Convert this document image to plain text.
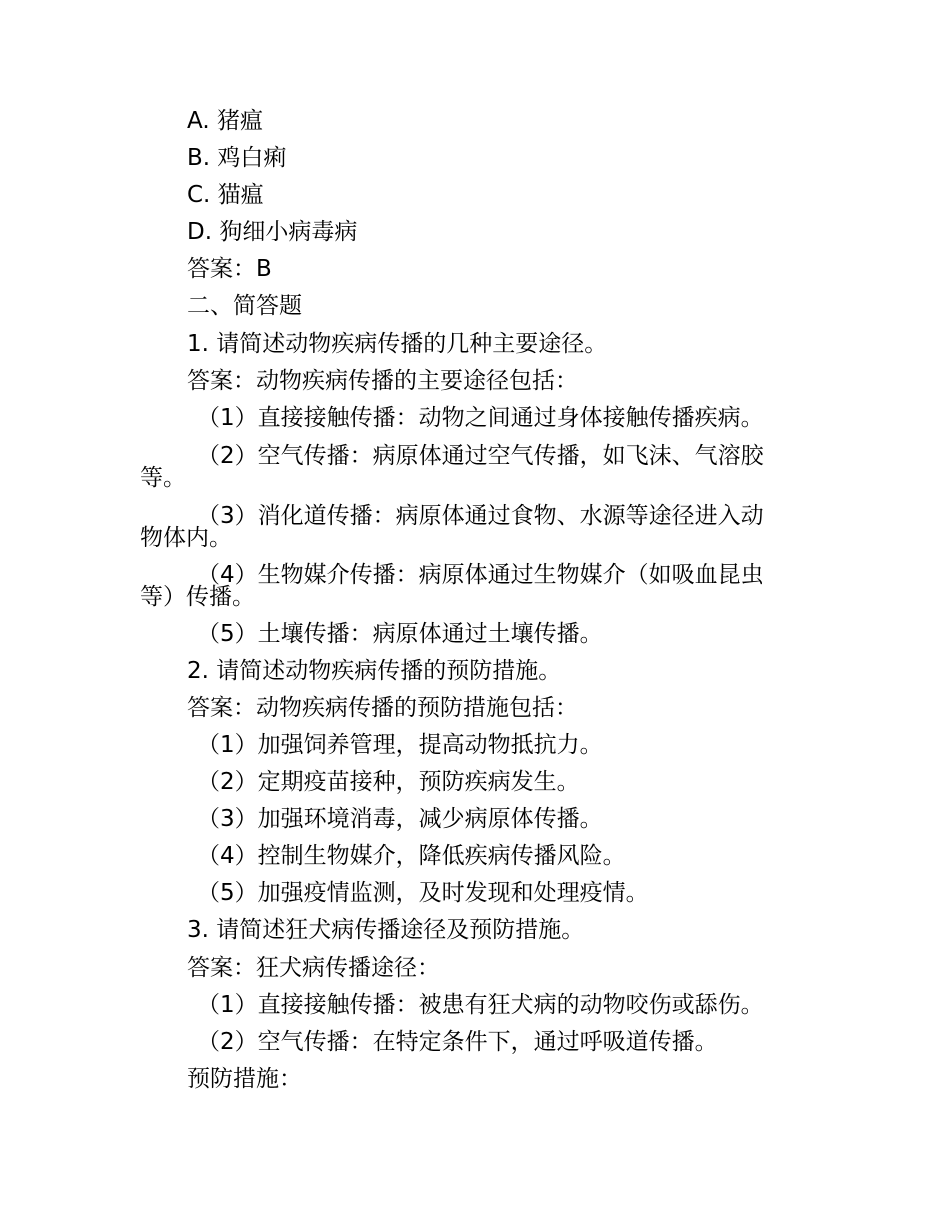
A. 猪瘟
B. 鸡白痢
C. 猫瘟
D. 狗细小病毒病
答案：B
二、简答题
1. 请简述动物疾病传播的几种主要途径。
答案：动物疾病传播的主要途径包括：
（1）直接接触传播：动物之间通过身体接触传播疾病。
（2）空气传播：病原体通过空气传播，如飞沫、气溶胶
等。
（3）消化道传播：病原体通过食物、水源等途径进入动
物体内。
（4）生物媒介传播：病原体通过生物媒介（如吸血昆虫
等）传播。
（5）土壤传播：病原体通过土壤传播。
2. 请简述动物疾病传播的预防措施。
答案：动物疾病传播的预防措施包括：
（1）加强饲养管理，提高动物抵抗力。
（2）定期疫苗接种，预防疾病发生。
（3）加强环境消毒，减少病原体传播。
（4）控制生物媒介，降低疾病传播风险。
（5）加强疫情监测，及时发现和处理疫情。
3. 请简述狂犬病传播途径及预防措施。
答案：狂犬病传播途径：
（1）直接接触传播：被患有狂犬病的动物咬伤或舔伤。
（2）空气传播：在特定条件下，通过呼吸道传播。
预防措施：
